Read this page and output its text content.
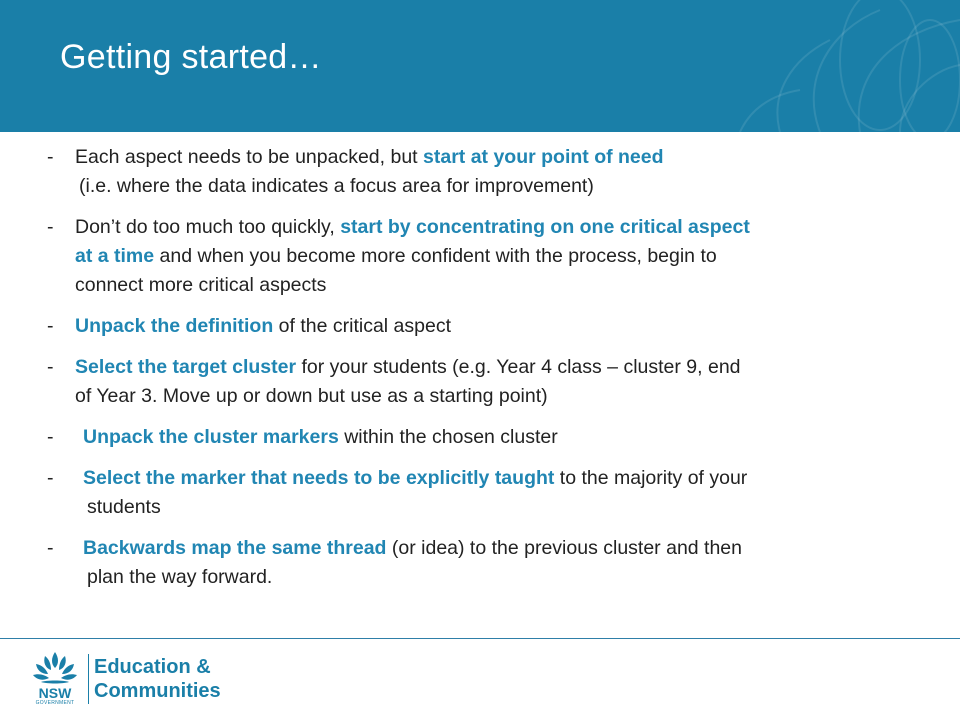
Getting started…
- Each aspect needs to be unpacked, but start at your point of need
(i.e. where the data indicates a focus area for improvement)
- Don’t do too much too quickly, start by concentrating on one critical aspect
at a time and when you become more confident with the process, begin to
connect more critical aspects
- Unpack the definition of the critical aspect
- Select the target cluster for your students (e.g. Year 4 class – cluster 9, end
of Year 3. Move up or down but use as a starting point)
-	Unpack the cluster markers within the chosen cluster
-	Select the marker that needs to be explicitly taught to the majority of your
students
-	Backwards map the same thread (or idea) to the previous cluster and then
plan the way forward.
NSW
GOVERNMENT
Education &
Communities
